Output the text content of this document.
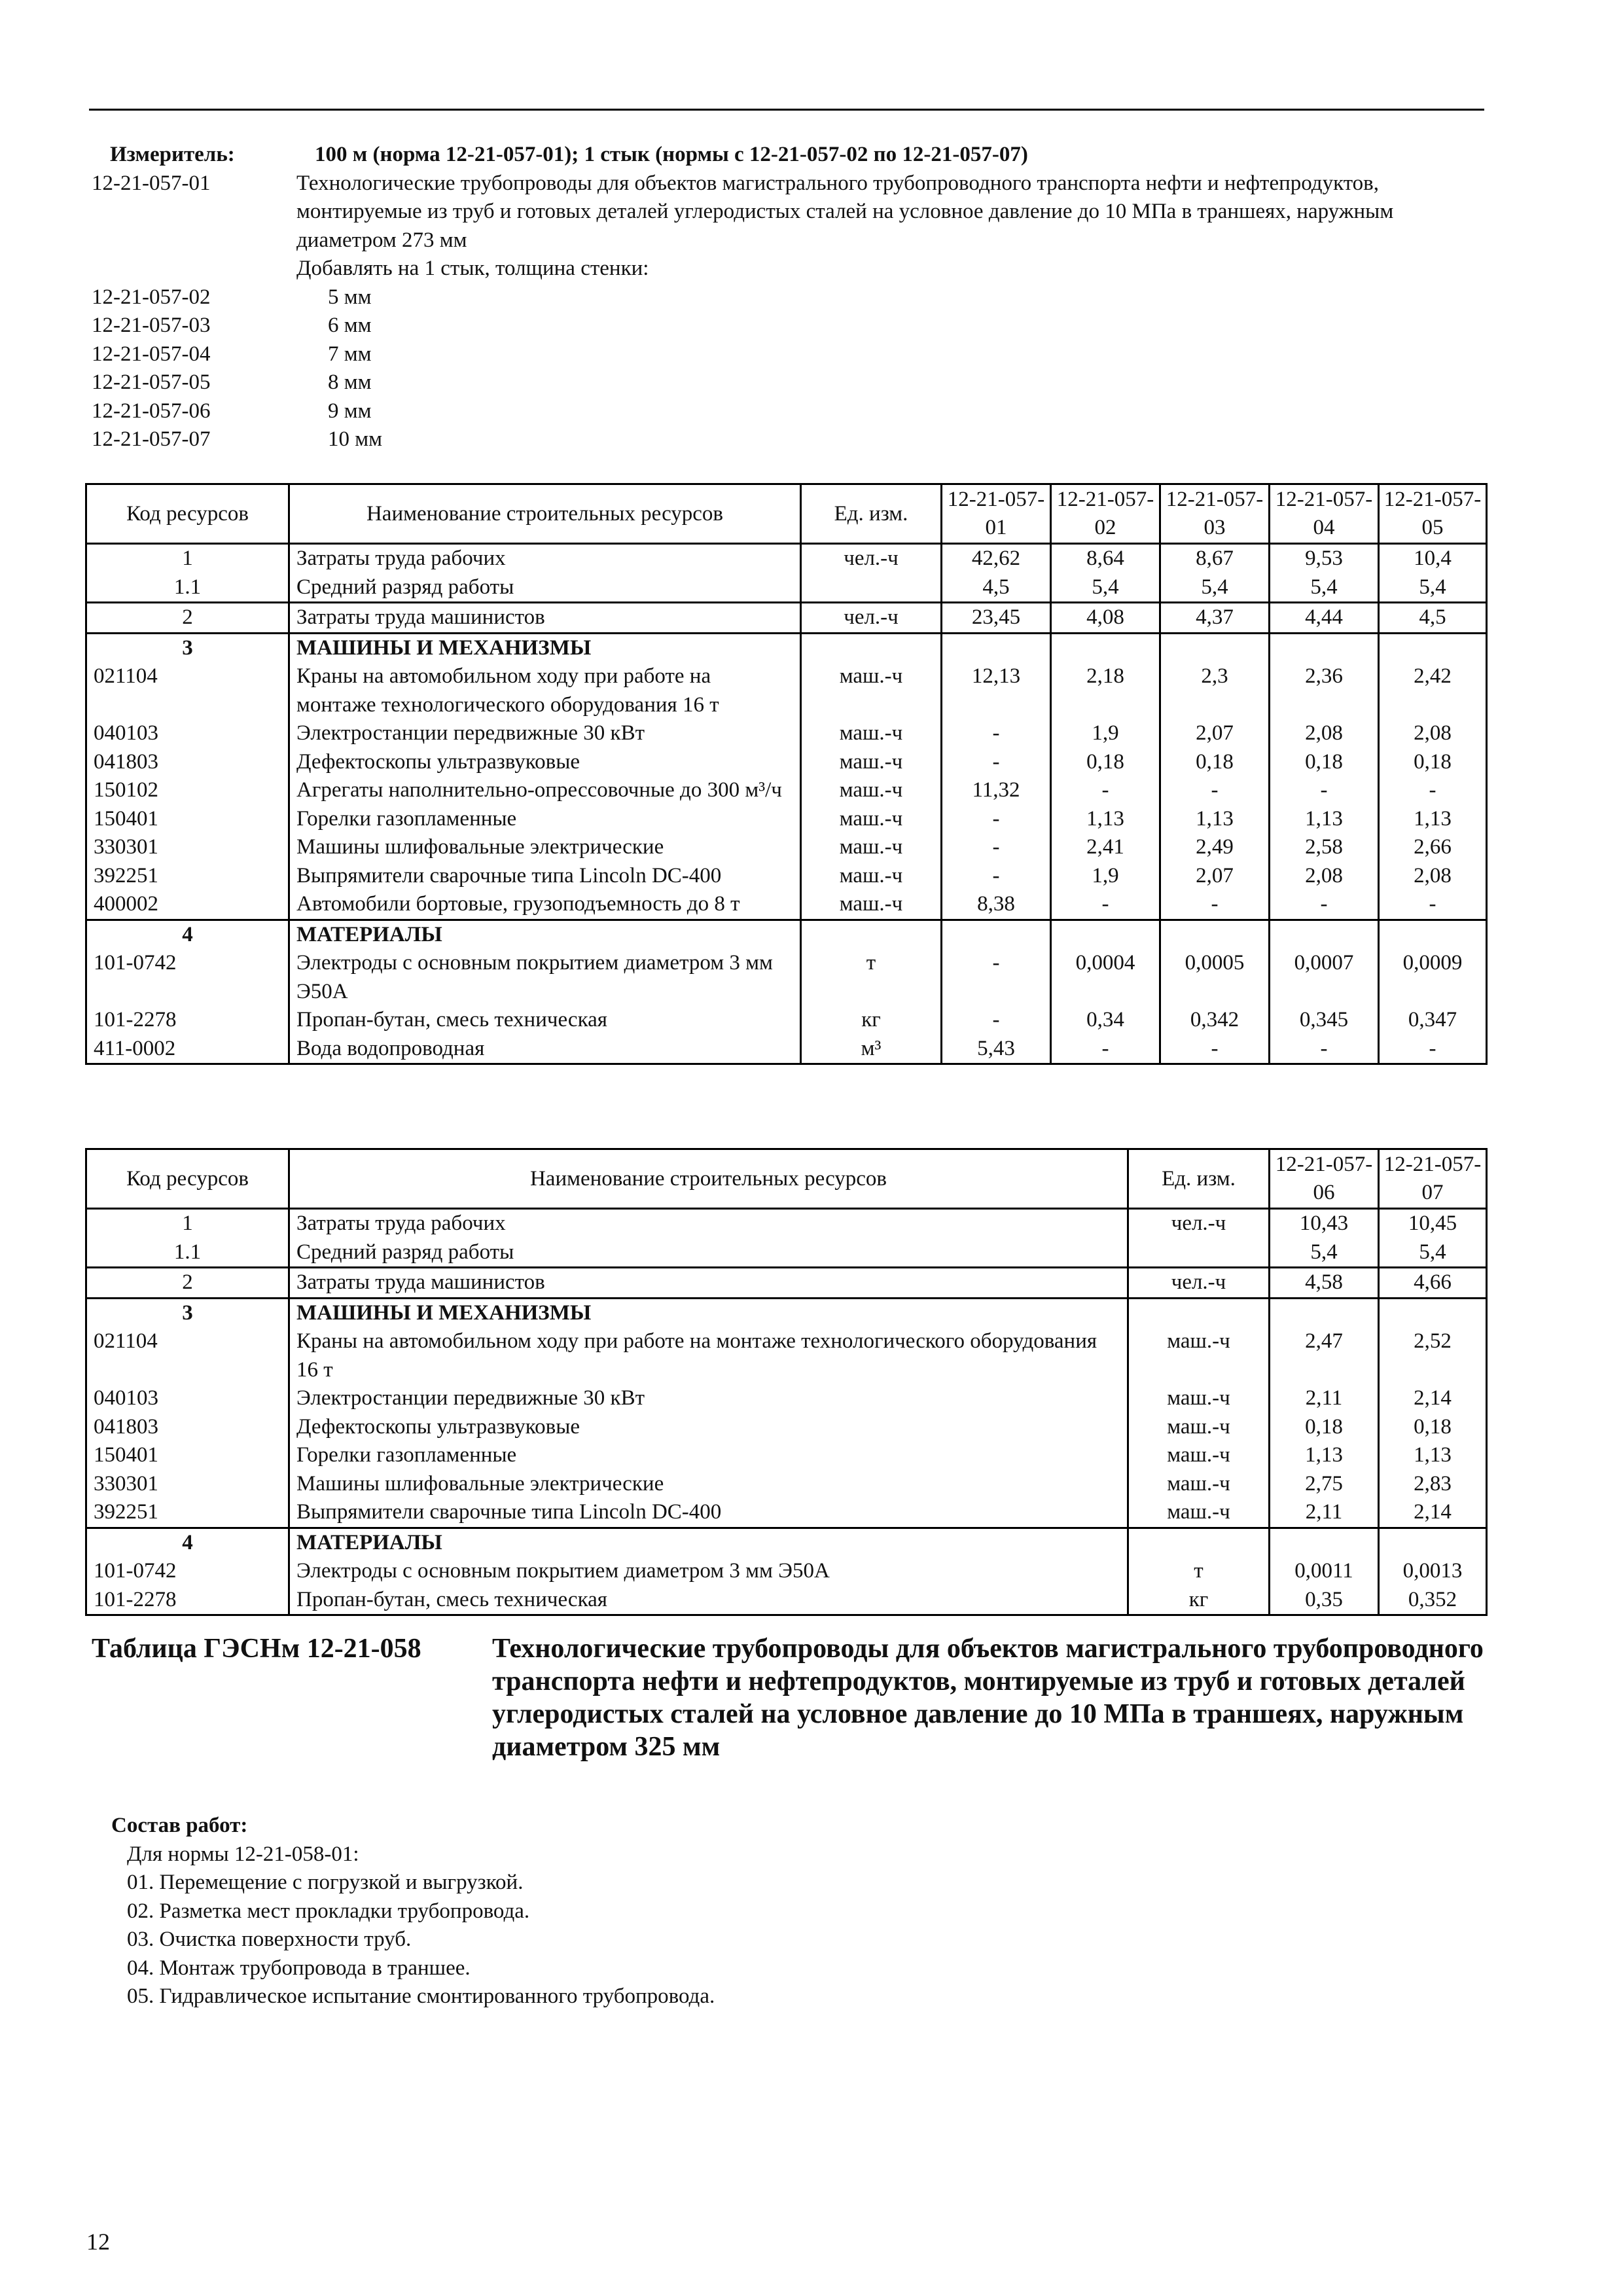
Измеритель:	100 м (норма 12-21-057-01); 1 стык (нормы с 12-21-057-02 по 12-21-057-07)
12-21-057-01	Технологические трубопроводы для объектов магистрального трубопроводного транспорта нефти и нефтепродуктов, монтируемые из труб и готовых деталей углеродистых сталей на условное давление до 10 МПа в траншеях, наружным диаметром 273 мм
Добавлять на 1 стык, толщина стенки:
12-21-057-02	5 мм
12-21-057-03	6 мм
12-21-057-04	7 мм
12-21-057-05	8 мм
12-21-057-06	9 мм
12-21-057-07	10 мм
Код ресурсов	Наименование строительных ресурсов	Ед. изм.	12-21-057-01	12-21-057-02	12-21-057-03	12-21-057-04	12-21-057-05
1	Затраты труда рабочих	чел.-ч	42,62	8,64	8,67	9,53	10,4
1.1	Средний разряд работы		4,5	5,4	5,4	5,4	5,4
2	Затраты труда машинистов	чел.-ч	23,45	4,08	4,37	4,44	4,5
3	МАШИНЫ И МЕХАНИЗМЫ						
021104	Краны на автомобильном ходу при работе на монтаже технологического оборудования 16 т	маш.-ч	12,13	2,18	2,3	2,36	2,42
040103	Электростанции передвижные 30 кВт	маш.-ч	-	1,9	2,07	2,08	2,08
041803	Дефектоскопы ультразвуковые	маш.-ч	-	0,18	0,18	0,18	0,18
150102	Агрегаты наполнительно-опрессовочные до 300 м³/ч	маш.-ч	11,32	-	-	-	-
150401	Горелки газопламенные	маш.-ч	-	1,13	1,13	1,13	1,13
330301	Машины шлифовальные электрические	маш.-ч	-	2,41	2,49	2,58	2,66
392251	Выпрямители сварочные типа Lincoln DC-400	маш.-ч	-	1,9	2,07	2,08	2,08
400002	Автомобили бортовые, грузоподъемность до 8 т	маш.-ч	8,38	-	-	-	-
4	МАТЕРИАЛЫ						
101-0742	Электроды с основным покрытием диаметром 3 мм Э50А	т	-	0,0004	0,0005	0,0007	0,0009
101-2278	Пропан-бутан, смесь техническая	кг	-	0,34	0,342	0,345	0,347
411-0002	Вода водопроводная	м³	5,43	-	-	-	-
Код ресурсов	Наименование строительных ресурсов	Ед. изм.	12-21-057-06	12-21-057-07
1	Затраты труда рабочих	чел.-ч	10,43	10,45
1.1	Средний разряд работы		5,4	5,4
2	Затраты труда машинистов	чел.-ч	4,58	4,66
3	МАШИНЫ И МЕХАНИЗМЫ			
021104	Краны на автомобильном ходу при работе на монтаже технологического оборудования 16 т	маш.-ч	2,47	2,52
040103	Электростанции передвижные 30 кВт	маш.-ч	2,11	2,14
041803	Дефектоскопы ультразвуковые	маш.-ч	0,18	0,18
150401	Горелки газопламенные	маш.-ч	1,13	1,13
330301	Машины шлифовальные электрические	маш.-ч	2,75	2,83
392251	Выпрямители сварочные типа Lincoln DC-400	маш.-ч	2,11	2,14
4	МАТЕРИАЛЫ			
101-0742	Электроды с основным покрытием диаметром 3 мм Э50А	т	0,0011	0,0013
101-2278	Пропан-бутан, смесь техническая	кг	0,35	0,352
Таблица ГЭСНм 12-21-058	Технологические трубопроводы для объектов магистрального трубопроводного транспорта нефти и нефтепродуктов, монтируемые из труб и готовых деталей углеродистых сталей на условное давление до 10 МПа в траншеях, наружным диаметром 325 мм
Состав работ:
Для нормы 12-21-058-01:
01. Перемещение с погрузкой и выгрузкой.
02. Разметка мест прокладки трубопровода.
03. Очистка поверхности труб.
04. Монтаж трубопровода в траншее.
05. Гидравлическое испытание смонтированного трубопровода.
12
